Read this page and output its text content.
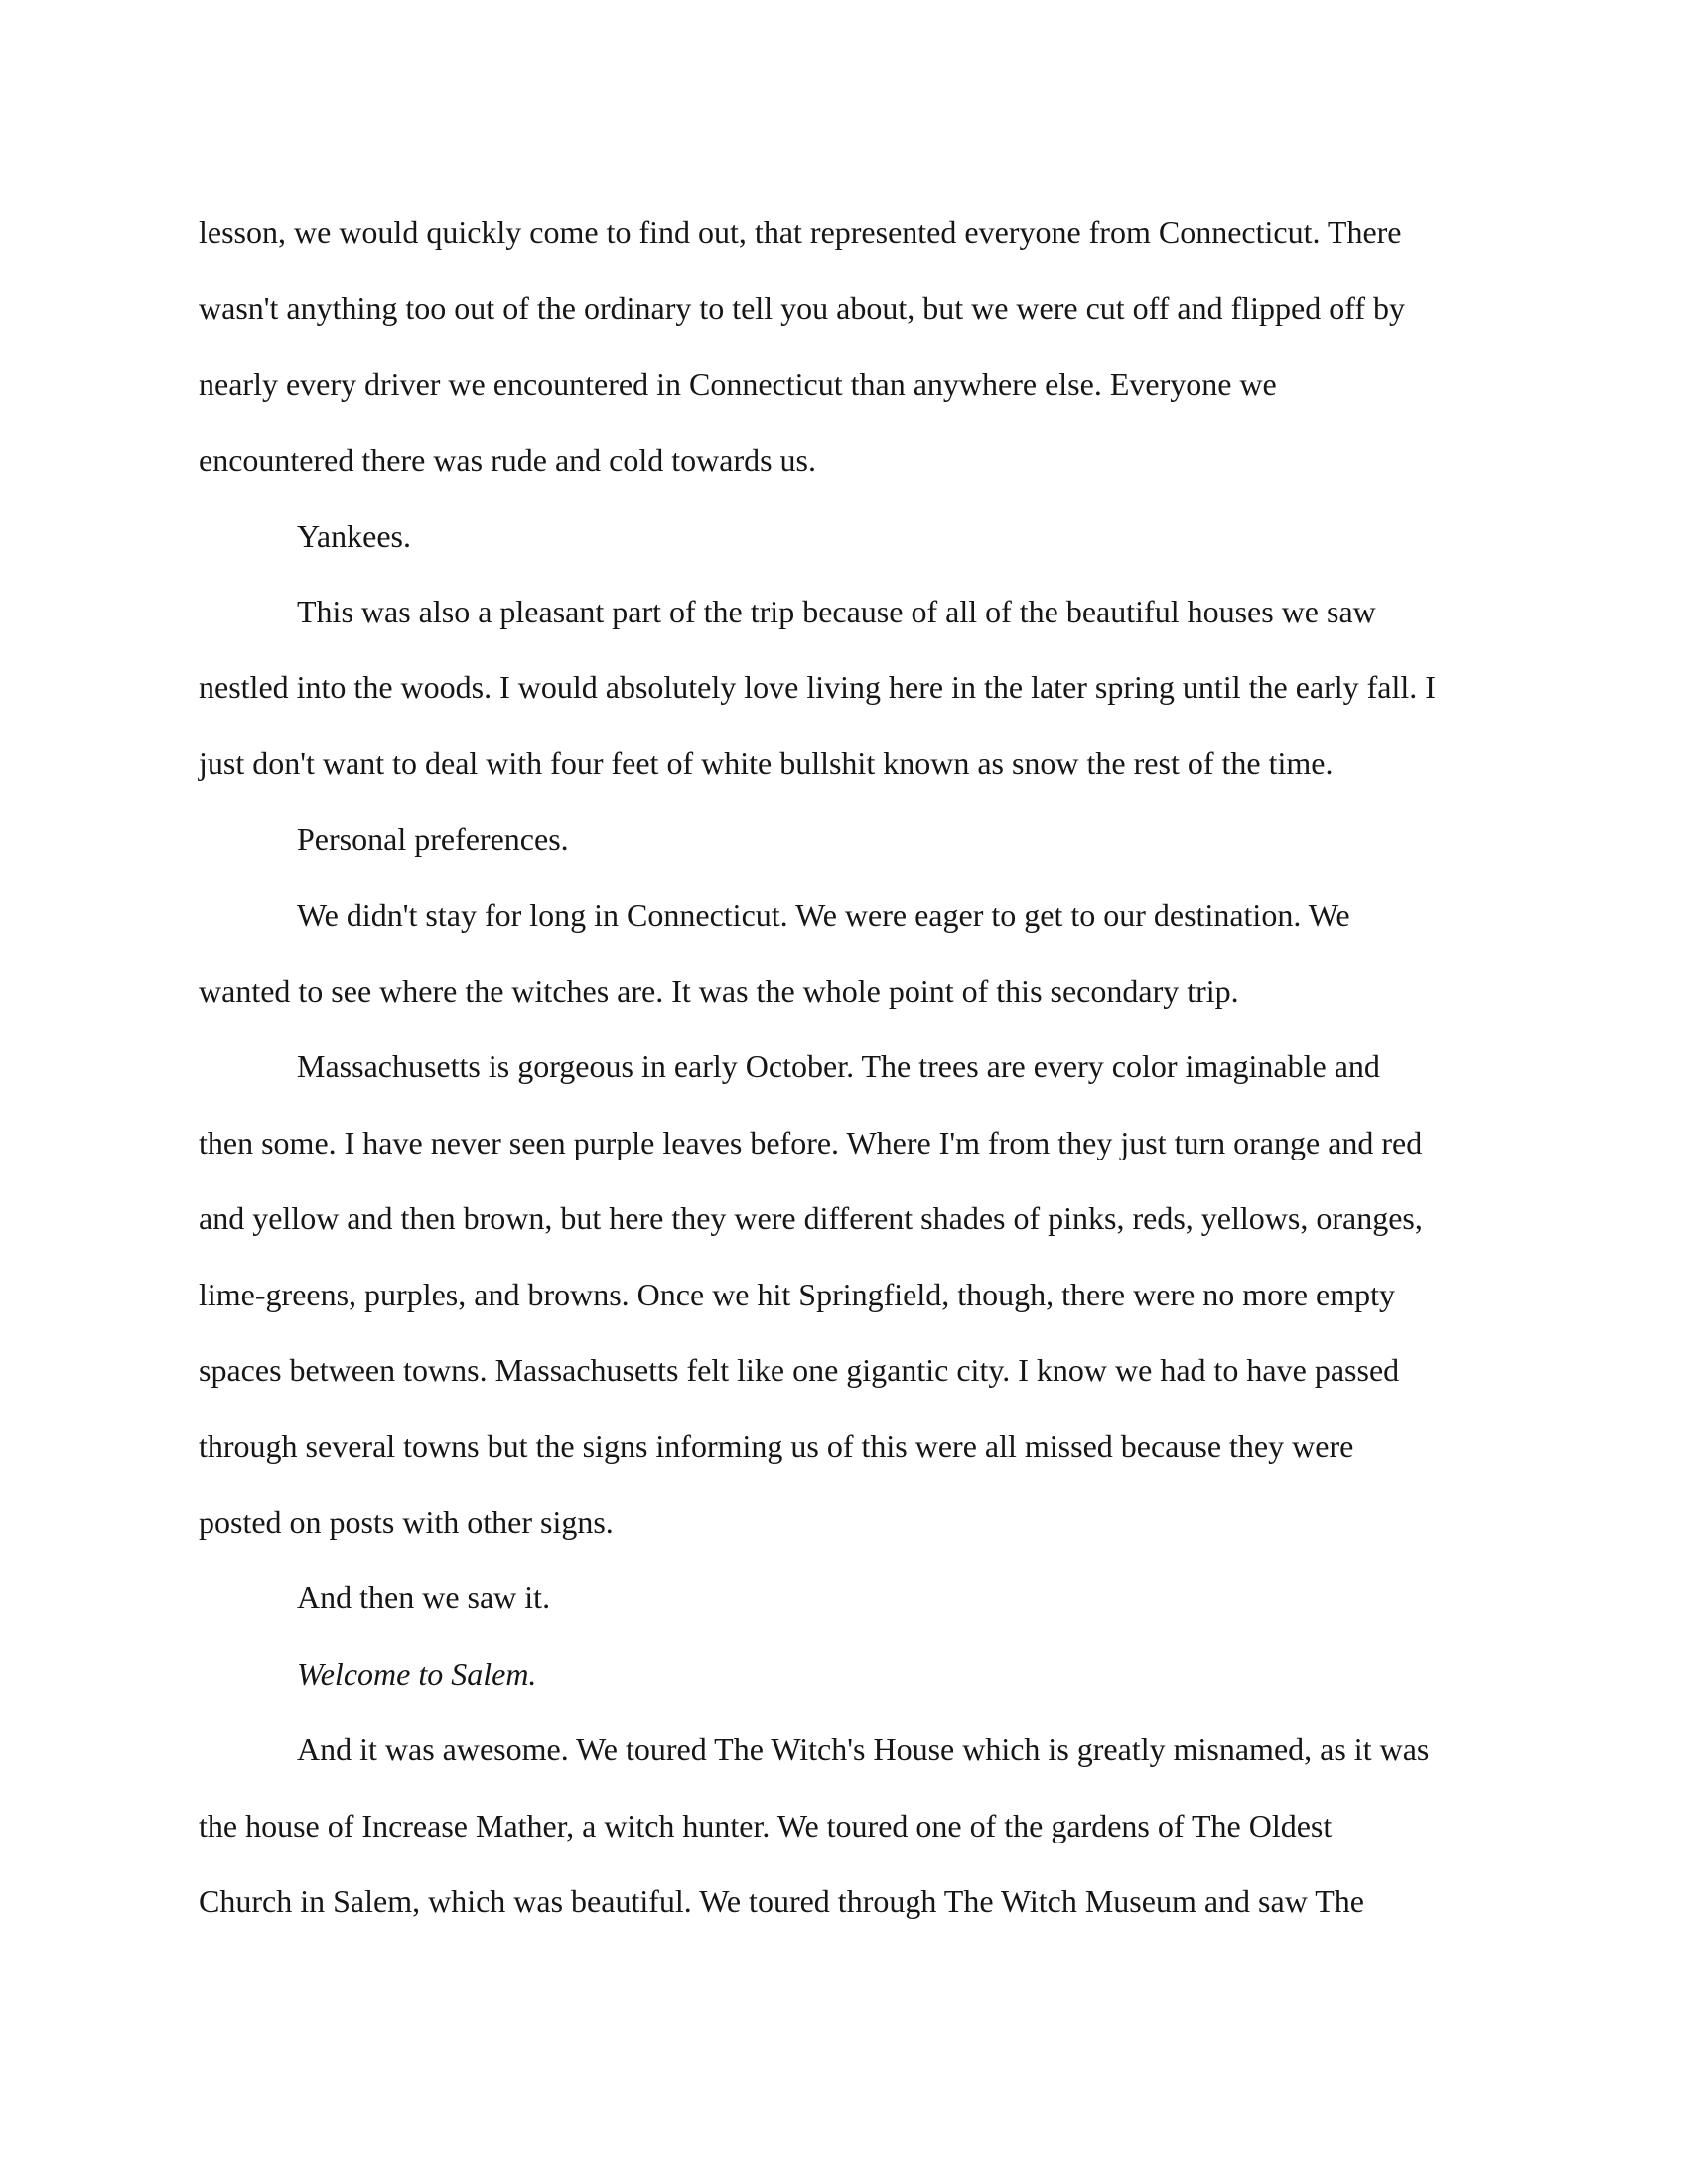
lesson, we would quickly come to find out, that represented everyone from Connecticut. There
wasn't anything too out of the ordinary to tell you about, but we were cut off and flipped off by
nearly every driver we encountered in Connecticut than anywhere else. Everyone we
encountered there was rude and cold towards us.

Yankees.

This was also a pleasant part of the trip because of all of the beautiful houses we saw
nestled into the woods. I would absolutely love living here in the later spring until the early fall. I
just don't want to deal with four feet of white bullshit known as snow the rest of the time.

Personal preferences.

We didn't stay for long in Connecticut. We were eager to get to our destination. We
wanted to see where the witches are. It was the whole point of this secondary trip.

Massachusetts is gorgeous in early October. The trees are every color imaginable and
then some. I have never seen purple leaves before. Where I'm from they just turn orange and red
and yellow and then brown, but here they were different shades of pinks, reds, yellows, oranges,
lime-greens, purples, and browns. Once we hit Springfield, though, there were no more empty
spaces between towns. Massachusetts felt like one gigantic city. I know we had to have passed
through several towns but the signs informing us of this were all missed because they were
posted on posts with other signs.

And then we saw it.

Welcome to Salem.

And it was awesome. We toured The Witch's House which is greatly misnamed, as it was
the house of Increase Mather, a witch hunter. We toured one of the gardens of The Oldest
Church in Salem, which was beautiful. We toured through The Witch Museum and saw The
